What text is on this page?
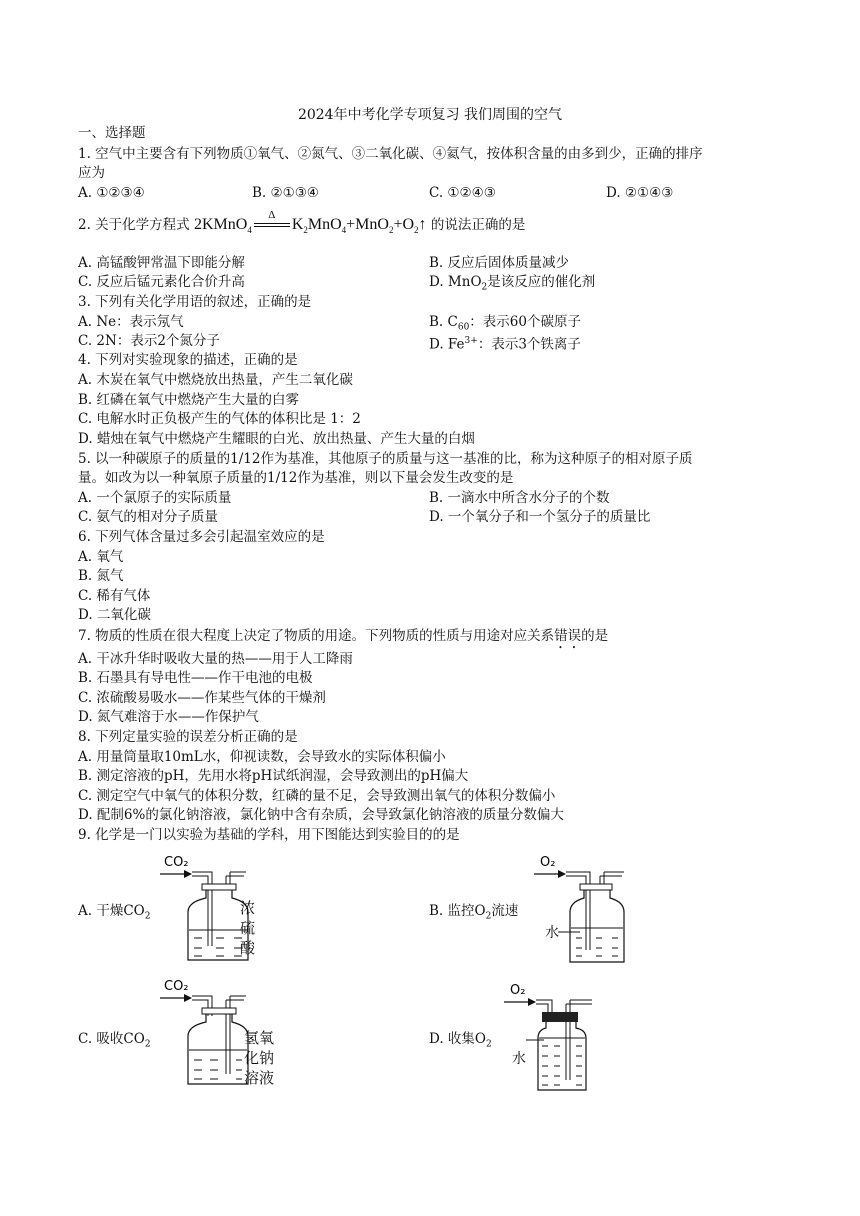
2024年中考化学专项复习 我们周围的空气
一、选择题
1. 空气中主要含有下列物质①氧气、②氮气、③二氧化碳、④氦气，按体积含量的由多到少，正确的排序
应为
A. ①②③④	B. ②①③④	C. ①②④③	D. ②①④③
2. 关于化学方程式 2KMnO$_4$
Δ
$K_2MnO_4+MnO_2+O_2↑$ 的说法正确的是
A. 高锰酸钾常温下即能分解	B. 反应后固体质量减少
C. 反应后锰元素化合价升高	D. MnO$_2$是该反应的催化剂
3. 下列有关化学用语的叙述，正确的是
A. Ne：表示氖气	B. $C_{60}$：表示60个碳原子
C. 2N：表示2个氮分子	D. $Fe^{3+}$：表示3个铁离子
4. 下列对实验现象的描述，正确的是
A. 木炭在氧气中燃烧放出热量，产生二氧化碳
B. 红磷在氧气中燃烧产生大量的白雾
C. 电解水时正负极产生的气体的体积比是 1：2
D. 蜡烛在氧气中燃烧产生耀眼的白光、放出热量、产生大量的白烟
5. 以一种碳原子的质量的1/12作为基准，其他原子的质量与这一基准的比，称为这种原子的相对原子质
量。如改为以一种氧原子质量的1/12作为基准，则以下量会发生改变的是
A. 一个氯原子的实际质量	B. 一滴水中所含水分子的个数
C. 氨气的相对分子质量	D. 一个氧分子和一个氢分子的质量比
6. 下列气体含量过多会引起温室效应的是
A. 氧气
B. 氮气
C. 稀有气体
D. 二氧化碳
7. 物质的性质在很大程度上决定了物质的用途。下列物质的性质与用途对应关系错误的是
A. 干冰升华时吸收大量的热——用于人工降雨
B. 石墨具有导电性——作干电池的电极
C. 浓硫酸易吸水——作某些气体的干燥剂
D. 氮气难溶于水——作保护气
8. 下列定量实验的误差分析正确的是
A. 用量筒量取10mL水，仰视读数，会导致水的实际体积偏小
B. 测定溶液的pH，先用水将pH试纸润湿，会导致测出的pH偏大
C. 测定空气中氧气的体积分数，红磷的量不足，会导致测出氧气的体积分数偏小
D. 配制6%的氯化钠溶液，氯化钠中含有杂质，会导致氯化钠溶液的质量分数偏大
9. 化学是一门以实验为基础的学科，用下图能达到实验目的的是
A. 干燥$CO_2$	B. 监控$O_2$流速
C. 吸收$CO_2$	D. 收集$O_2$
CO₂
浓
硫
酸
O₂
水
CO₂
氢氧
化钠
溶液
O₂
水
